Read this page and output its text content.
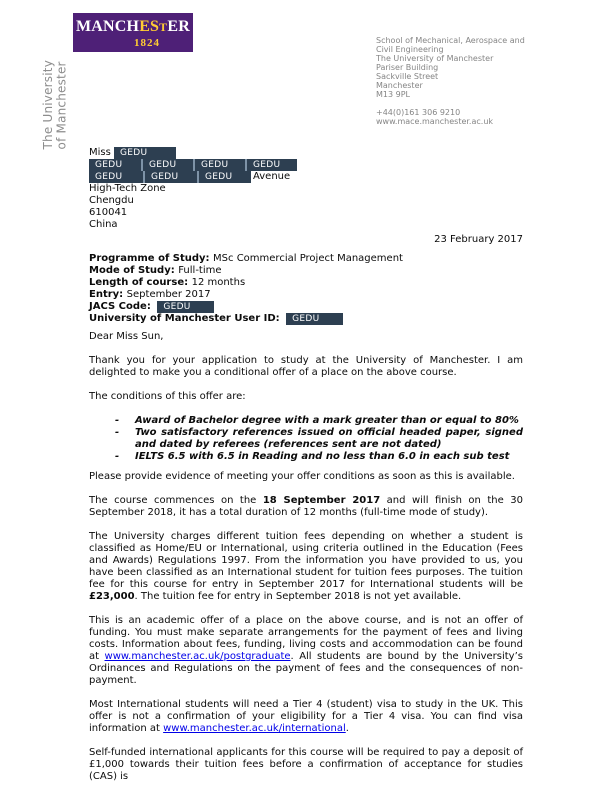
MANCHESTER
1824
The University of Manchester
School of Mechanical, Aerospace and
Civil Engineering
The University of Manchester
Pariser Building
Sackville Street
Manchester
M13 9PL
+44(0)161 306 9210
www.mace.manchester.ac.uk
Miss GEDU
GEDU	GEDU	GEDU	GEDU
GEDU	GEDU	GEDU	Avenue
High-Tech Zone
Chengdu
610041
China
23 February 2017
Programme of Study: MSc Commercial Project Management
Mode of Study: Full-time
Length of course: 12 months
Entry: September 2017
JACS Code:	GEDU
University of Manchester User ID:	GEDU

Dear Miss Sun,

Thank you for your application to study at the University of Manchester. I am delighted to make you a conditional offer of a place on the above course.

The conditions of this offer are:

-	Award of Bachelor degree with a mark greater than or equal to 80%
-	Two satisfactory references issued on official headed paper, signed and dated by referees (references sent are not dated)
-	IELTS 6.5 with 6.5 in Reading and no less than 6.0 in each sub test

Please provide evidence of meeting your offer conditions as soon as this is available.

The course commences on the 18 September 2017 and will finish on the 30 September 2018, it has a total duration of 12 months (full-time mode of study).

The University charges different tuition fees depending on whether a student is classified as Home/EU or International, using criteria outlined in the Education (Fees and Awards) Regulations 1997. From the information you have provided to us, you have been classified as an International student for tuition fees purposes. The tuition fee for this course for entry in September 2017 for International students will be £23,000. The tuition fee for entry in September 2018 is not yet available.

This is an academic offer of a place on the above course, and is not an offer of funding. You must make separate arrangements for the payment of fees and living costs. Information about fees, funding, living costs and accommodation can be found at www.manchester.ac.uk/postgraduate. All students are bound by the University’s Ordinances and Regulations on the payment of fees and the consequences of non-payment.

Most International students will need a Tier 4 (student) visa to study in the UK. This offer is not a confirmation of your eligibility for a Tier 4 visa. You can find visa information at www.manchester.ac.uk/international.

Self-funded international applicants for this course will be required to pay a deposit of £1,000 towards their tuition fees before a confirmation of acceptance for studies (CAS) is
